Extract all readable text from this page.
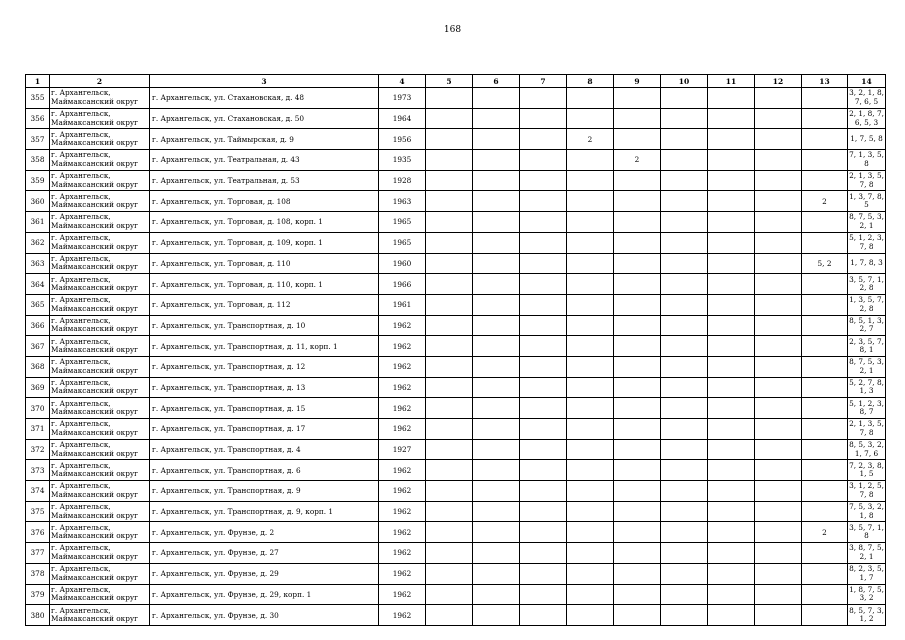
168
1	2	3	4	5	6	7	8	9	10	11	12	13	14
355	г. Архангельск,
Маймаксанский округ	г. Архангельск, ул. Стахановская, д. 48	1973										3, 2, 1, 8, 7, 6, 5
356	г. Архангельск,
Маймаксанский округ	г. Архангельск, ул. Стахановская, д. 50	1964										2, 1, 8, 7, 6, 5, 3
357	г. Архангельск,
Маймаксанский округ	г. Архангельск, ул. Таймырская, д. 9	1956				2						1, 7, 5, 8
358	г. Архангельск,
Маймаксанский округ	г. Архангельск, ул. Театральная, д. 43	1935					2					7, 1, 3, 5, 8
359	г. Архангельск,
Маймаксанский округ	г. Архангельск, ул. Театральная, д. 53	1928										2, 1, 3, 5, 7, 8
360	г. Архангельск,
Маймаксанский округ	г. Архангельск, ул. Торговая, д. 108	1963									2	1, 3, 7, 8, 5
361	г. Архангельск,
Маймаксанский округ	г. Архангельск, ул. Торговая, д. 108, корп. 1	1965										8, 7, 5, 3, 2, 1
362	г. Архангельск,
Маймаксанский округ	г. Архангельск, ул. Торговая, д. 109, корп. 1	1965										5, 1, 2, 3, 7, 8
363	г. Архангельск,
Маймаксанский округ	г. Архангельск, ул. Торговая, д. 110	1960									5, 2	1, 7, 8, 3
364	г. Архангельск,
Маймаксанский округ	г. Архангельск, ул. Торговая, д. 110, корп. 1	1966										3, 5, 7, 1, 2, 8
365	г. Архангельск,
Маймаксанский округ	г. Архангельск, ул. Торговая, д. 112	1961										1, 3, 5, 7, 2, 8
366	г. Архангельск,
Маймаксанский округ	г. Архангельск, ул. Транспортная, д. 10	1962										8, 5, 1, 3, 2, 7
367	г. Архангельск,
Маймаксанский округ	г. Архангельск, ул. Транспортная, д. 11, корп. 1	1962										2, 3, 5, 7, 8, 1
368	г. Архангельск,
Маймаксанский округ	г. Архангельск, ул. Транспортная, д. 12	1962										8, 7, 5, 3, 2, 1
369	г. Архангельск,
Маймаксанский округ	г. Архангельск, ул. Транспортная, д. 13	1962										5, 2, 7, 8, 1, 3
370	г. Архангельск,
Маймаксанский округ	г. Архангельск, ул. Транспортная, д. 15	1962										5, 1, 2, 3, 8, 7
371	г. Архангельск,
Маймаксанский округ	г. Архангельск, ул. Транспортная, д. 17	1962										2, 1, 3, 5, 7, 8
372	г. Архангельск,
Маймаксанский округ	г. Архангельск, ул. Транспортная, д. 4	1927										8, 5, 3, 2, 1, 7, 6
373	г. Архангельск,
Маймаксанский округ	г. Архангельск, ул. Транспортная, д. 6	1962										7, 2, 3, 8, 1, 5
374	г. Архангельск,
Маймаксанский округ	г. Архангельск, ул. Транспортная, д. 9	1962										3, 1, 2, 5, 7, 8
375	г. Архангельск,
Маймаксанский округ	г. Архангельск, ул. Транспортная, д. 9, корп. 1	1962										7, 5, 3, 2, 1, 8
376	г. Архангельск,
Маймаксанский округ	г. Архангельск, ул. Фрунзе, д. 2	1962									2	3, 5, 7, 1, 8
377	г. Архангельск,
Маймаксанский округ	г. Архангельск, ул. Фрунзе, д. 27	1962										3, 8, 7, 5, 2, 1
378	г. Архангельск,
Маймаксанский округ	г. Архангельск, ул. Фрунзе, д. 29	1962										8, 2, 3, 5, 1, 7
379	г. Архангельск,
Маймаксанский округ	г. Архангельск, ул. Фрунзе, д. 29, корп. 1	1962										1, 8, 7, 5, 3, 2
380	г. Архангельск,
Маймаксанский округ	г. Архангельск, ул. Фрунзе, д. 30	1962										8, 5, 7, 3, 1, 2
